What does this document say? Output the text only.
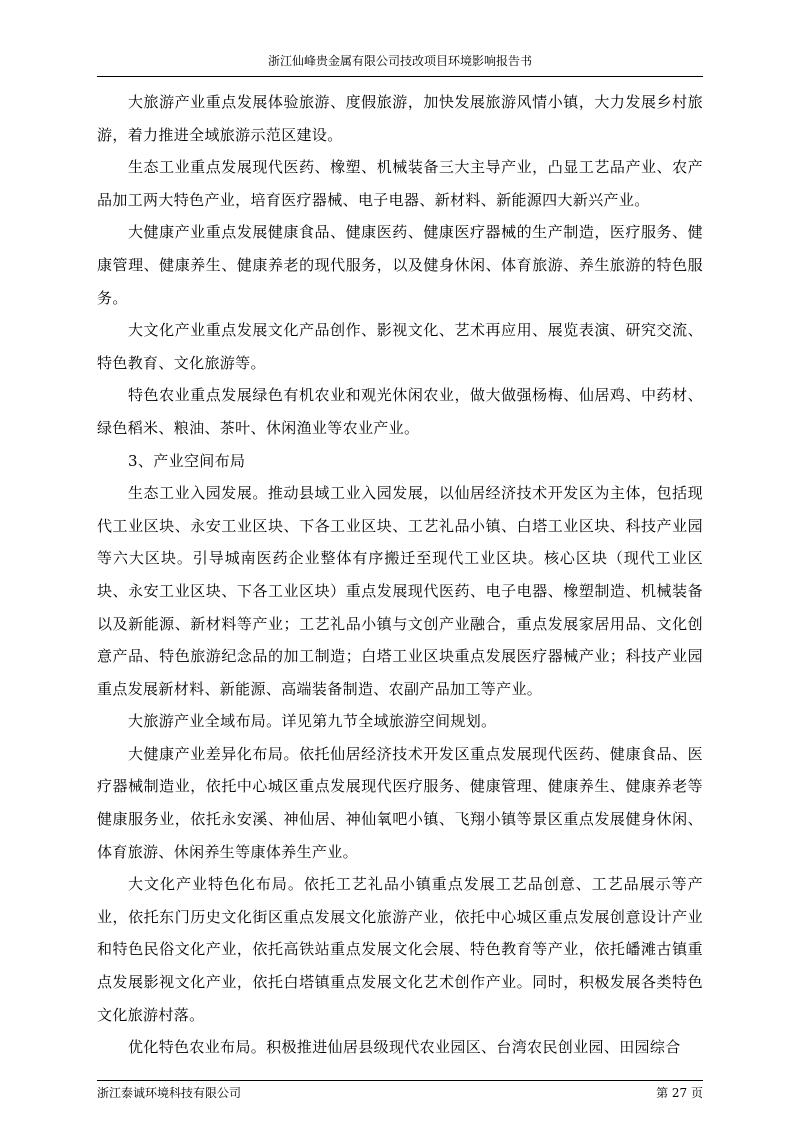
浙江仙峰贵金属有限公司技改项目环境影响报告书

大旅游产业重点发展体验旅游、度假旅游，加快发展旅游风情小镇，大力发展乡村旅游，着力推进全域旅游示范区建设。

生态工业重点发展现代医药、橡塑、机械装备三大主导产业，凸显工艺品产业、农产品加工两大特色产业，培育医疗器械、电子电器、新材料、新能源四大新兴产业。

大健康产业重点发展健康食品、健康医药、健康医疗器械的生产制造，医疗服务、健康管理、健康养生、健康养老的现代服务，以及健身休闲、体育旅游、养生旅游的特色服务。

大文化产业重点发展文化产品创作、影视文化、艺术再应用、展览表演、研究交流、特色教育、文化旅游等。

特色农业重点发展绿色有机农业和观光休闲农业，做大做强杨梅、仙居鸡、中药材、绿色稻米、粮油、茶叶、休闲渔业等农业产业。

3、产业空间布局

生态工业入园发展。推动县域工业入园发展，以仙居经济技术开发区为主体，包括现代工业区块、永安工业区块、下各工业区块、工艺礼品小镇、白塔工业区块、科技产业园等六大区块。引导城南医药企业整体有序搬迁至现代工业区块。核心区块（现代工业区块、永安工业区块、下各工业区块）重点发展现代医药、电子电器、橡塑制造、机械装备以及新能源、新材料等产业；工艺礼品小镇与文创产业融合，重点发展家居用品、文化创意产品、特色旅游纪念品的加工制造；白塔工业区块重点发展医疗器械产业；科技产业园重点发展新材料、新能源、高端装备制造、农副产品加工等产业。

大旅游产业全域布局。详见第九节全域旅游空间规划。

大健康产业差异化布局。依托仙居经济技术开发区重点发展现代医药、健康食品、医疗器械制造业，依托中心城区重点发展现代医疗服务、健康管理、健康养生、健康养老等健康服务业，依托永安溪、神仙居、神仙氧吧小镇、飞翔小镇等景区重点发展健身休闲、体育旅游、休闲养生等康体养生产业。

大文化产业特色化布局。依托工艺礼品小镇重点发展工艺品创意、工艺品展示等产业，依托东门历史文化街区重点发展文化旅游产业，依托中心城区重点发展创意设计产业和特色民俗文化产业，依托高铁站重点发展文化会展、特色教育等产业，依托皤滩古镇重点发展影视文化产业，依托白塔镇重点发展文化艺术创作产业。同时，积极发展各类特色文化旅游村落。

优化特色农业布局。积极推进仙居县级现代农业园区、台湾农民创业园、田园综合

浙江泰诚环境科技有限公司	第 27 页
